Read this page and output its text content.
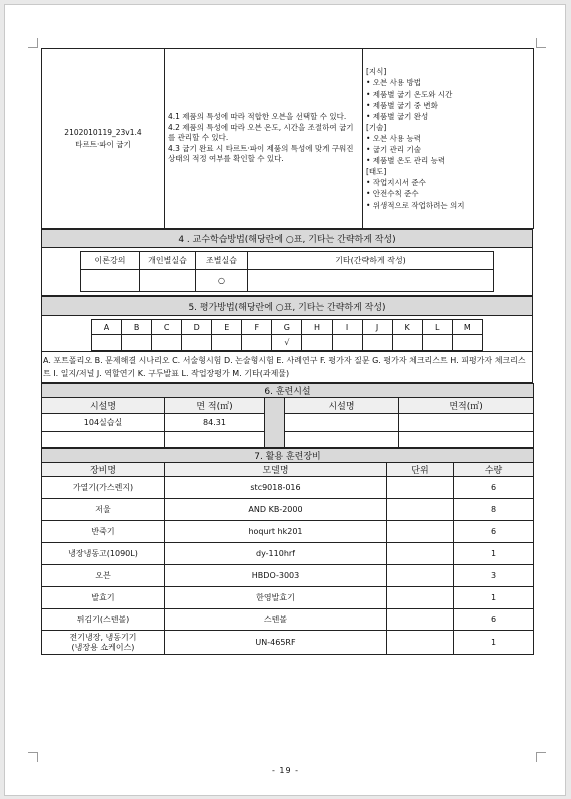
2102010119_23v1.4
타르트·파이 굽기

4.1 제품의 특성에 따라 적합한 오븐을 선택할 수 있다.
4.2 제품의 특성에 따라 오븐 온도, 시간을 조절하여 굽기를 관리할 수 있다.
4.3 굽기 완료 시 타르트·파이 제품의 특성에 맞게 구워진 상태의 적정 여부를 확인할 수 있다.

[지식]
• 오븐 사용 방법
• 제품별 굽기 온도와 시간
• 제품별 굽기 중 변화
• 제품별 굽기 완성
[기술]
• 오븐 사용 능력
• 굽기 관리 기술
• 제품별 온도 관리 능력
[태도]
• 작업지시서 준수
• 안전수칙 준수
• 위생적으로 작업하려는 의지
4 . 교수학습방법(해당란에 ○표, 기타는 간략하게 작성)

이론강의	개인별실습	조별실습	기타(간략하게 작성)
		○	
5. 평가방법(해당란에 ○표, 기타는 간략하게 작성)

A	B	C	D	E	F	G	H	I	J	K	L	M
						√						

A. 포트폴리오 B. 문제해결 시나리오 C. 서술형시험 D. 논술형시험 E. 사례연구 F. 평가자 질문 G. 평가자 체크리스트 H. 피평가자 체크리스트 I. 일지/저널 J. 역할연기 K. 구두발표 L. 작업장평가 M. 기타(과제물)
6. 훈련시설				
시설명	면 적(㎡)		시설명	면적(㎡)
104실습실	84.31			

7. 활용 훈련장비			
장비명	모델명	단위	수량
가열기(가스렌지)	stc9018-016		6
저울	AND KB-2000		8
반죽기	hoqurt hk201		6
냉장냉동고(1090L)	dy-110hrf		1
오븐	HBDO-3003		3
발효기	한영발효기		1
튀김기(스텐볼)	스텐볼		6
전기냉장, 냉동기기
(냉장용 쇼케이스)	UN-465RF		1
- 19 -
